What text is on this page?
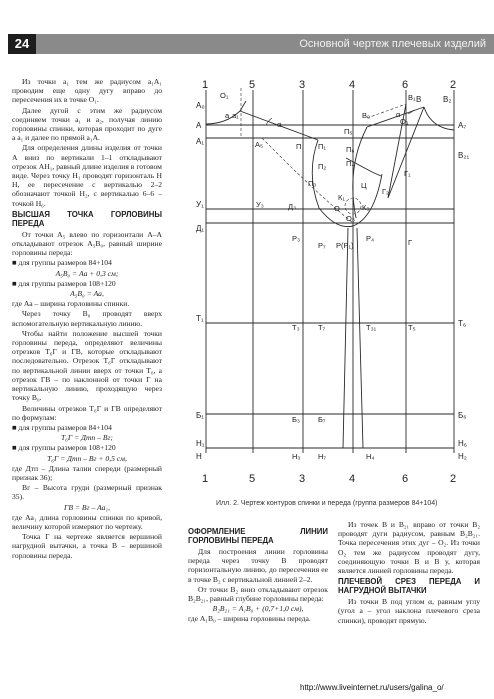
24	Основной чертеж плечевых изделий

Из точки а₁ тем же радиусом а₁А₁ проводим еще одну дугу вправо до пересечения их в точке O₁.

Далее дугой с этим же радиусом соединяем точки а₁ и а₂, получая линию горловины спинки, которая проходит по дуге а а₁ и далее по прямой а₁А.

Для определения длины изделия от точки А вниз по вертикали 1–1 откладывают отрезок АН₁, равный длине изделия в готовом виде. Через точку Н₁ проводят горизонталь Н Н, ее пересечение с вертикалью 2–2 обозначают точкой Н₂, с вертикалью 6–6 – точкой Н₆.

ВЫСШАЯ ТОЧКА ГОРЛОВИНЫ ПЕРЕДА

От точки А₅ влево по горизонтали А–А откладывают отрезок А₅В₀, равный ширине горловины переда:

■ для группы размеров 84+104

А₅В₀ = Аа + 0,3 см;

■ для группы размеров 108+120

А₅В₀ = Аа,

где Аа – ширина горловины спинки.

Через точку В₀ проводят вверх вспомогательную вертикальную линию.

Чтобы найти положение высшей точки горловины переда, определяют величины отрезков Т₆Г и ГВ, которые откладывают последовательно. Отрезок Т₆Г откладывают по вертикальной линии вверх от точки Т₆, а отрезок ГВ – по наклонной от точки Г на вертикальную линию, проходящую через точку В₀.

Величины отрезков Т₆Г и ГВ определяют по формулам:

■ для группы размеров 84+104

Т₆Г = Дтп – Вг;

■ для группы размеров 108+120

Т₆Г = Дтп – Вг + 0,5 см,

где Дтп – Длина талии спереди (размерный признак 36);

Вг – Высота груди (размерный признак 35).

ГВ = Вг – Аа₁,

где Аа₁ длина горловины спинки по кривой, величину которой измеряют по чертежу.

Точка Г на чертеже является вершиной нагрудной вытачки, а точка В – вершиной горловины переда.

1	5	3	4	6	2
1	5	3	4	6	2
А₀
А
А₁
У₁
Д₁
Т₁
Б₁
Н₁
Н
В	В₂
А₇
В₂₁
Т₆
Б₆
Н₆
Н₂
О₁
а₁
а
α
А₅	П П₁
П₂
П₃
Д₃	О
К₁
О₃
У₃
Р₃
Р₇ Р(Р₁)
Р₄
Т₃ Т₇
Б₃ Б₇
Т₃₁	Т₅
Г
Г₁
Г₂
К₃
В₁
В₀	α
О₁
П₅
П₄
Н₃ Н₇	Н₄
П₆
Ц
Илл. 2. Чертеж контуров спинки и переда (группа размеров 84+104)
ОФОРМЛЕНИЕ ЛИНИИ ГОРЛОВИНЫ ПЕРЕДА

Для построения линии горловины переда через точку В проводят горизонтальную линию, до пересечения ее в точке В₂ с вертикальной линией 2–2.

От точки В₂ вниз откладывают отрезок В₂В₂₁, равный глубине горловины переда:

В₂В₂₁ = А₁В₀ + (0,7+1,0 см),

где А₁В₀ – ширина горловины переда.

Из точек В и В₂₁ вправо от точки В₂ проводят дуги радиусом, равным В₂В₂₁. Точка пересечения этих дуг – О₂. Из точки О₂ тем же радиусом проводят дугу, соединяющую точки В и В у, которая является линией горловины переда.

ПЛЕЧЕВОЙ СРЕЗ ПЕРЕДА И НАГРУДНОЙ ВЫТАЧКИ

Из точки В под углом α, равным углу (угол а – угол наклона плечевого среза спинки), проводят прямую.

http://www.liveinternet.ru/users/galina_o/
